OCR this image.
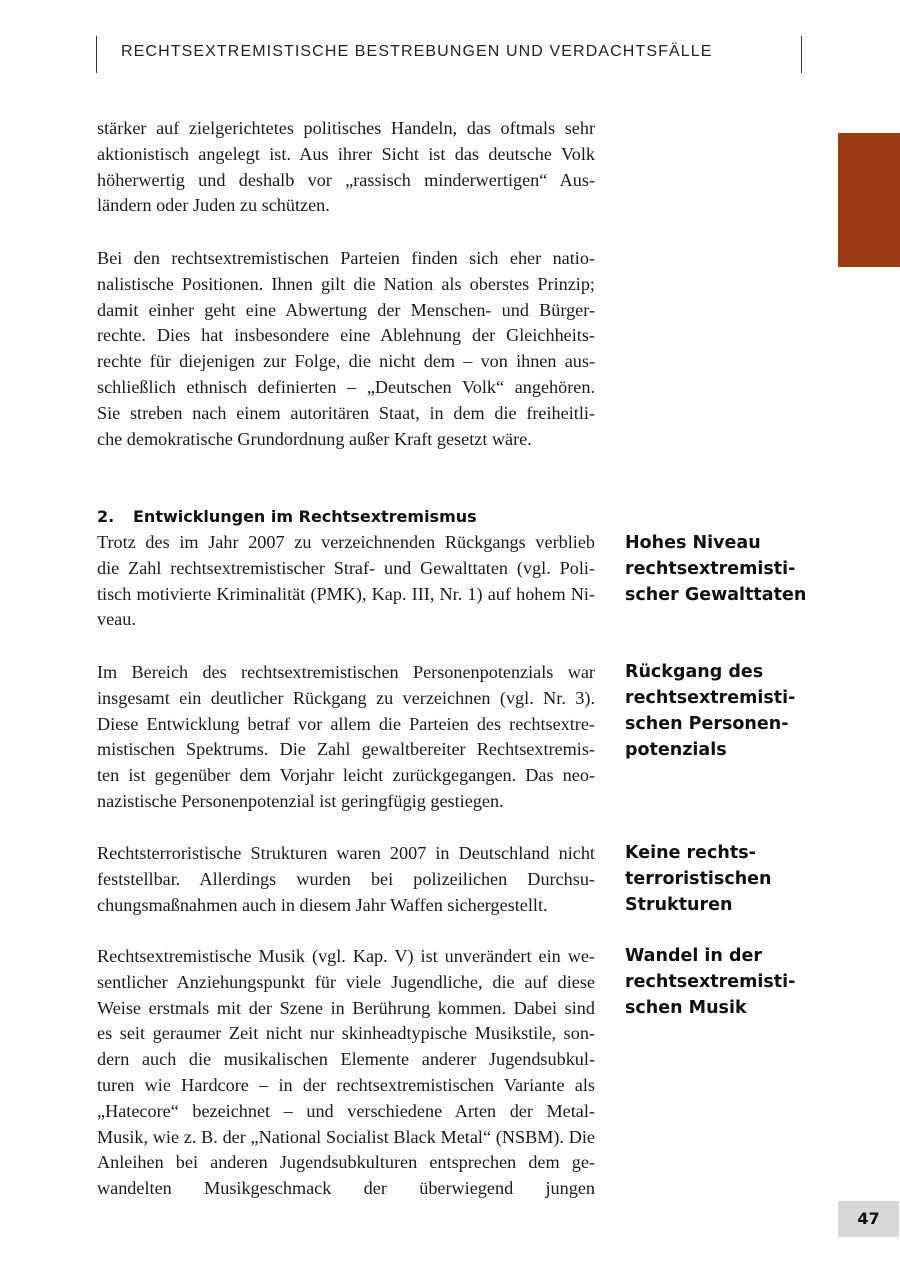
RECHTSEXTREMISTISCHE BESTREBUNGEN UND VERDACHTSFÄLLE
stärker auf zielgerichtetes politisches Handeln, das oftmals sehr
aktionistisch angelegt ist. Aus ihrer Sicht ist das deutsche Volk
höherwertig und deshalb vor „rassisch minderwertigen“ Aus-
ländern oder Juden zu schützen.
Bei den rechtsextremistischen Parteien finden sich eher natio-
nalistische Positionen. Ihnen gilt die Nation als oberstes Prinzip;
damit einher geht eine Abwertung der Menschen- und Bürger-
rechte. Dies hat insbesondere eine Ablehnung der Gleichheits-
rechte für diejenigen zur Folge, die nicht dem – von ihnen aus-
schließlich ethnisch definierten – „Deutschen Volk“ angehören.
Sie streben nach einem autoritären Staat, in dem die freiheitli-
che demokratische Grundordnung außer Kraft gesetzt wäre.
2. Entwicklungen im Rechtsextremismus
Trotz des im Jahr 2007 zu verzeichnenden Rückgangs verblieb
die Zahl rechtsextremistischer Straf- und Gewalttaten (vgl. Poli-
tisch motivierte Kriminalität (PMK), Kap. III, Nr. 1) auf hohem Ni-
veau.
Im Bereich des rechtsextremistischen Personenpotenzials war
insgesamt ein deutlicher Rückgang zu verzeichnen (vgl. Nr. 3).
Diese Entwicklung betraf vor allem die Parteien des rechtsextre-
mistischen Spektrums. Die Zahl gewaltbereiter Rechtsextremis-
ten ist gegenüber dem Vorjahr leicht zurückgegangen. Das neo-
nazistische Personenpotenzial ist geringfügig gestiegen.
Rechtsterroristische Strukturen waren 2007 in Deutschland nicht
feststellbar. Allerdings wurden bei polizeilichen Durchsu-
chungsmaßnahmen auch in diesem Jahr Waffen sichergestellt.
Rechtsextremistische Musik (vgl. Kap. V) ist unverändert ein we-
sentlicher Anziehungspunkt für viele Jugendliche, die auf diese
Weise erstmals mit der Szene in Berührung kommen. Dabei sind
es seit geraumer Zeit nicht nur skinheadtypische Musikstile, son-
dern auch die musikalischen Elemente anderer Jugendsubkul-
turen wie Hardcore – in der rechtsextremistischen Variante als
„Hatecore“ bezeichnet – und verschiedene Arten der Metal-
Musik, wie z. B. der „National Socialist Black Metal“ (NSBM). Die
Anleihen bei anderen Jugendsubkulturen entsprechen dem ge-
wandelten Musikgeschmack der überwiegend jungen
Hohes Niveau
rechtsextremisti-
scher Gewalttaten
Rückgang des
rechtsextremisti-
schen Personen-
potenzials
Keine rechts-
terroristischen
Strukturen
Wandel in der
rechtsextremisti-
schen Musik
47
